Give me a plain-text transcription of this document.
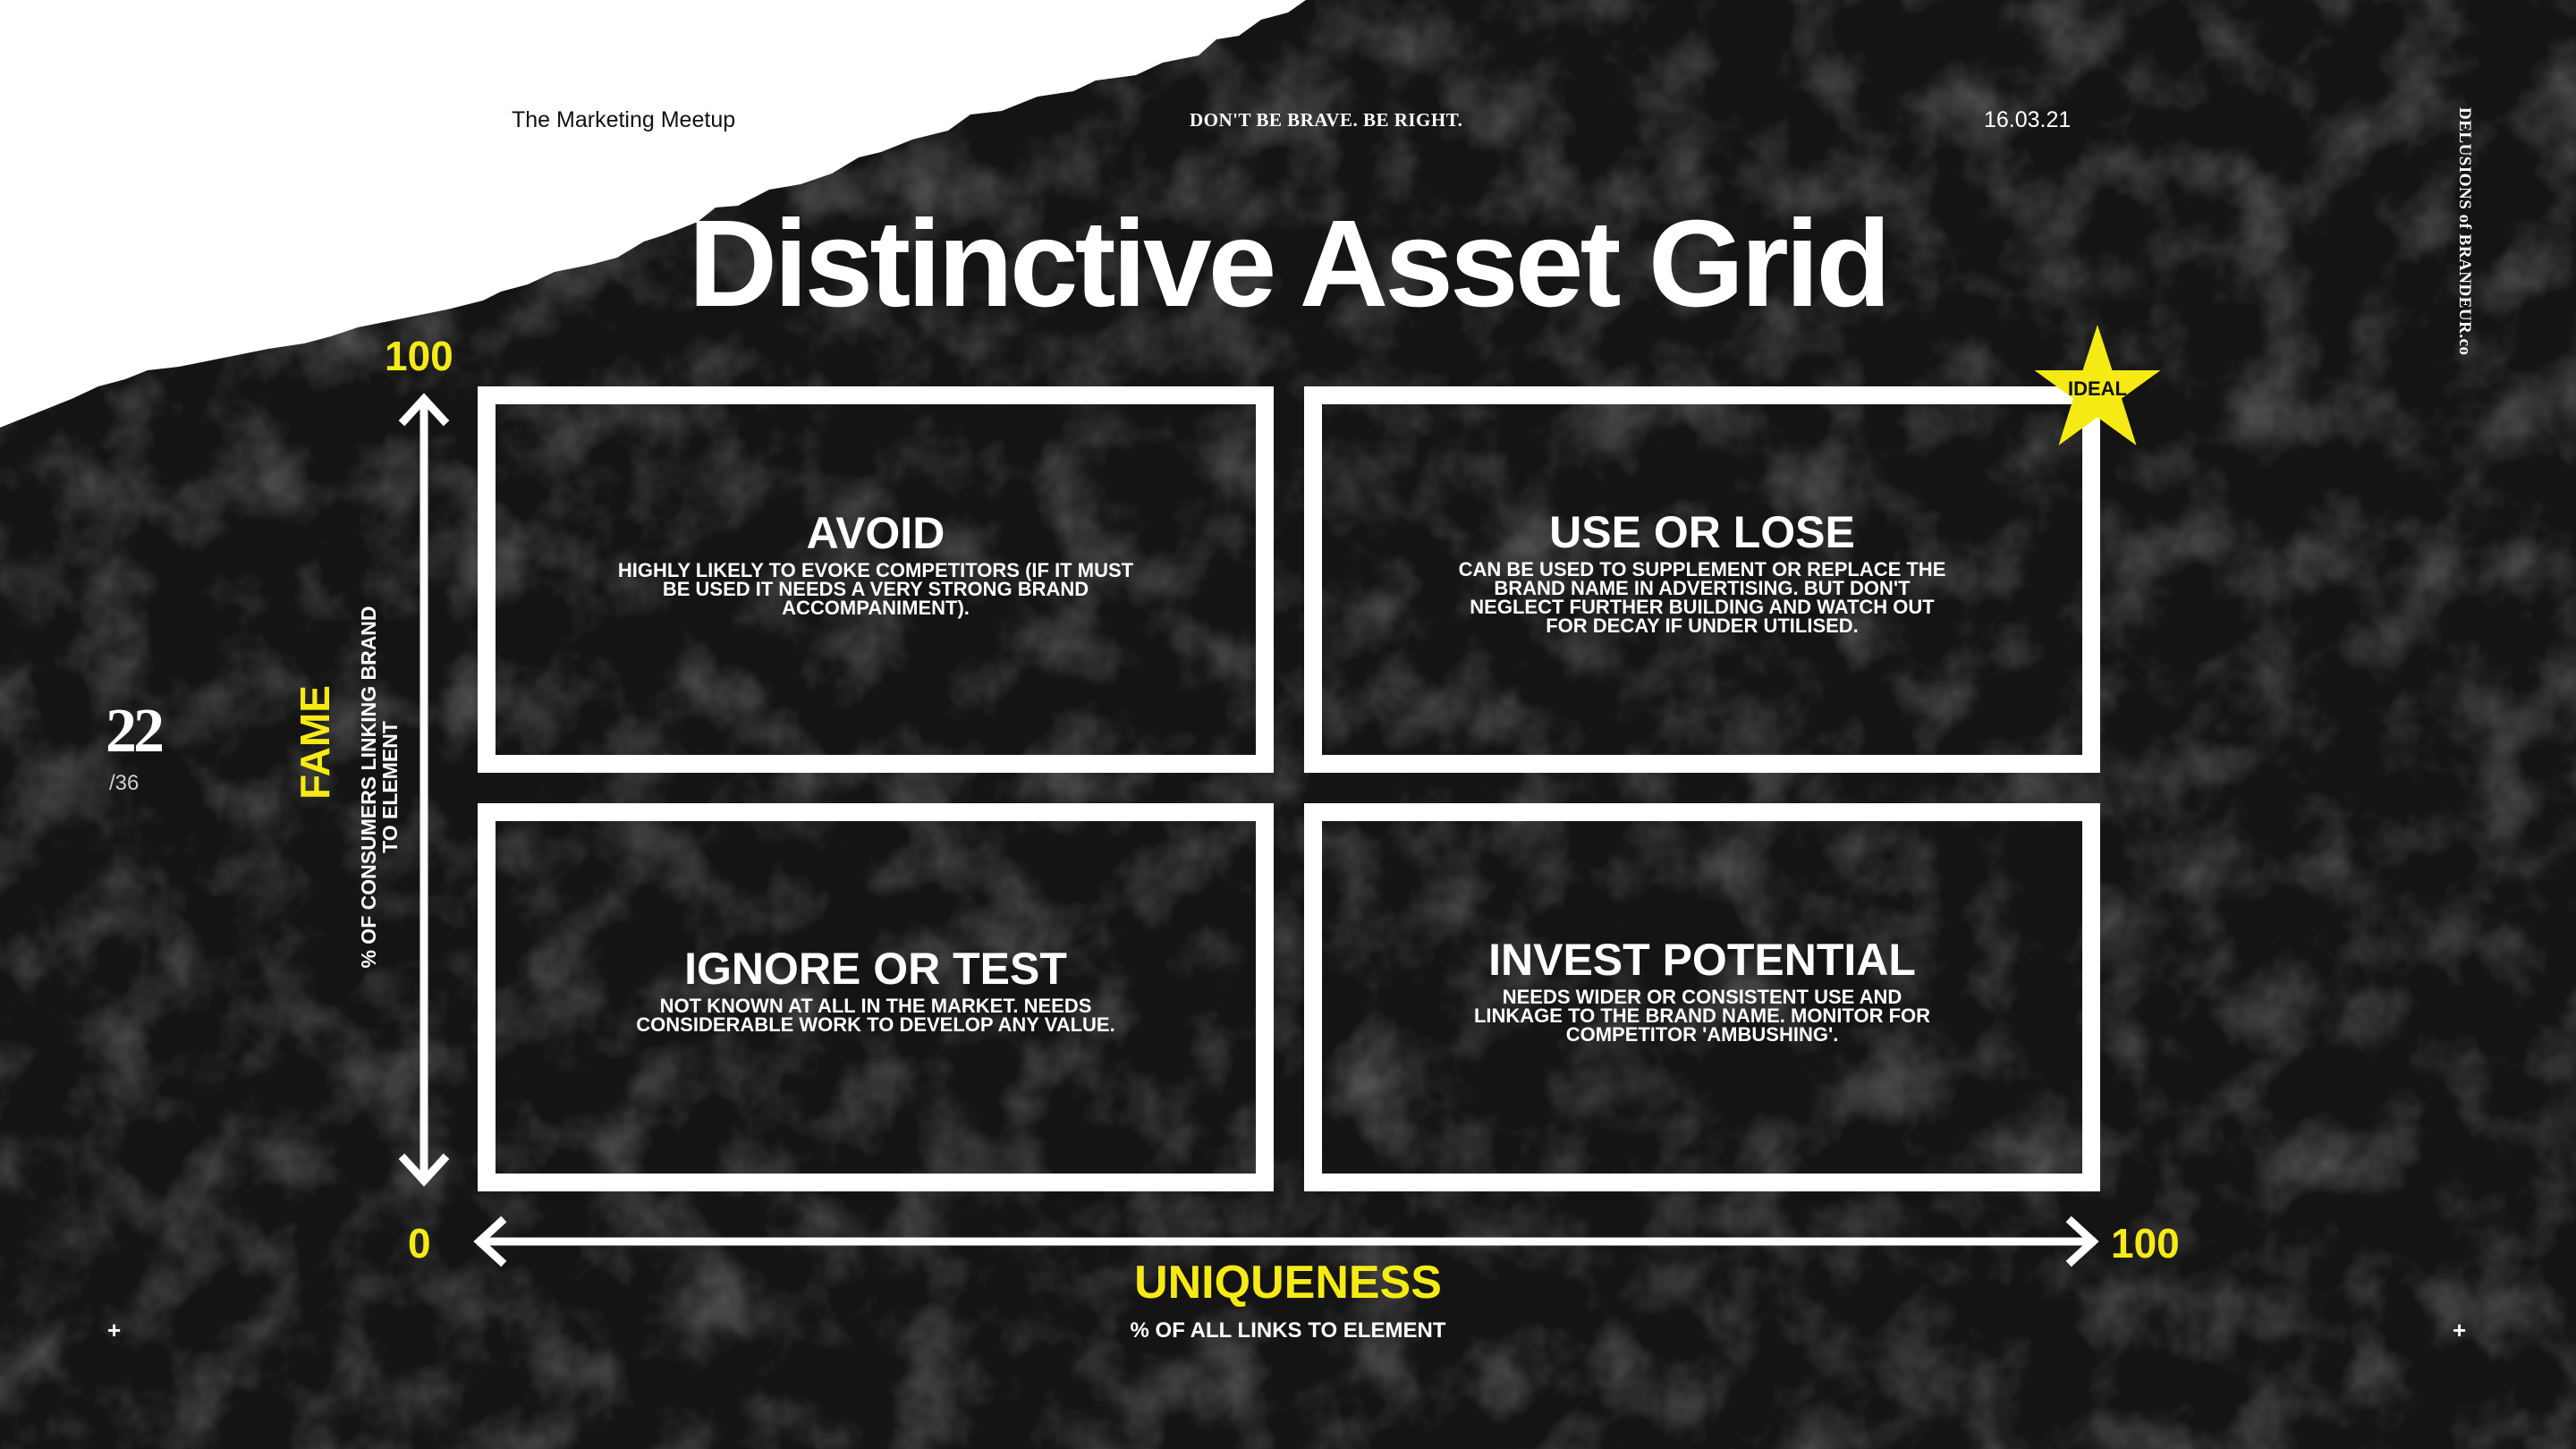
+
+	+
The Marketing Meetup	DON'T BE BRAVE. BE RIGHT.	16.03.21	DELUSIONS of BRANDEUR.co
Distinctive Asset Grid
22
/36
100
0	100
FAME % OF CONSUMERS LINKING BRAND TO ELEMENT
UNIQUENESS
% OF ALL LINKS TO ELEMENT
AVOID
HIGHLY LIKELY TO EVOKE COMPETITORS (IF IT MUST BE USED IT NEEDS A VERY STRONG BRAND ACCOMPANIMENT).
USE OR LOSE
CAN BE USED TO SUPPLEMENT OR REPLACE THE BRAND NAME IN ADVERTISING. BUT DON'T NEGLECT FURTHER BUILDING AND WATCH OUT FOR DECAY IF UNDER UTILISED.
IGNORE OR TEST
NOT KNOWN AT ALL IN THE MARKET. NEEDS CONSIDERABLE WORK TO DEVELOP ANY VALUE.
INVEST POTENTIAL
NEEDS WIDER OR CONSISTENT USE AND LINKAGE TO THE BRAND NAME. MONITOR FOR COMPETITOR 'AMBUSHING'.
IDEAL
